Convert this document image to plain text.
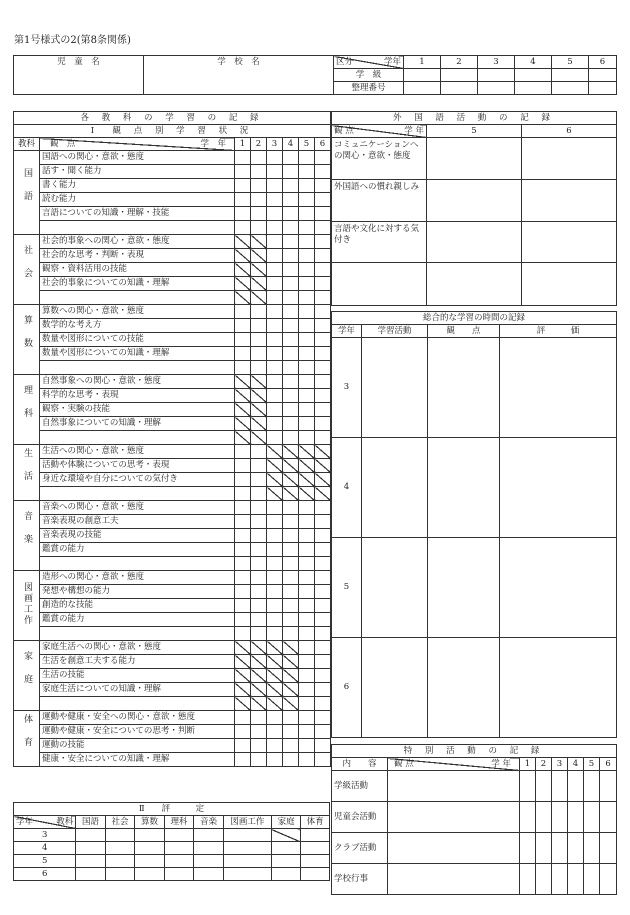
第1号様式の2(第8条関係)
児　童　名	学　校　名	区分 学年	1	2	3	4	5	6
		学　級						
		整理番号						
各 教 科 の 学 習 の 記 録							
Ⅰ　観 点 別 学 習 状 況							
教科	観　点 学　年	1	2	3	4	5	6
国語	国語への関心・意欲・態度						
	話す・聞く能力						
	書く能力						
	読む能力						
	言語についての知識・理解・技能						

社会	社会的事象への関心・意欲・態度						
	社会的な思考・判断・表現						
	観察・資料活用の技能						
	社会的事象についての知識・理解						

算数	算数への関心・意欲・態度						
	数学的な考え方						
	数量や図形についての技能						
	数量や図形についての知識・理解						

理科	自然事象への関心・意欲・態度						
	科学的な思考・表現						
	観察・実験の技能						
	自然事象についての知識・理解						

生活	生活への関心・意欲・態度						
	活動や体験についての思考・表現						
	身近な環境や自分についての気付き						

音楽	音楽への関心・意欲・態度						
	音楽表現の創意工夫						
	音楽表現の技能						
	鑑賞の能力						

図画工作	造形への関心・意欲・態度						
	発想や構想の能力						
	創造的な技能						
	鑑賞の能力						

家庭	家庭生活への関心・意欲・態度						
	生活を創意工夫する能力						
	生活の技能						
	家庭生活についての知識・理解						

体育	運動や健康・安全への関心・意欲・態度						
	運動や健康・安全についての思考・判断						
	運動の技能						
	健康・安全についての知識・理解						
Ⅱ　　評　　　定								
学年 教科	国語	社会	算数	理科	音楽	図画工作	家庭	体育
3								
4								
5								
6								
外 国 語 活 動 の 記 録		
観 点 学 年	5	6
コミュニケーションへの関心・意欲・態度		
外国語への慣れ親しみ		
言語や文化に対する気付き		

総合的な学習の時間の記録			
学年	学習活動	観　　点	評　　　価
3			
4			
5			
6			
特 別 活 動 の 記 録							
内　　容	観 点 学 年	1	2	3	4	5	6
学級活動							
児童会活動							
クラブ活動							
学校行事							
